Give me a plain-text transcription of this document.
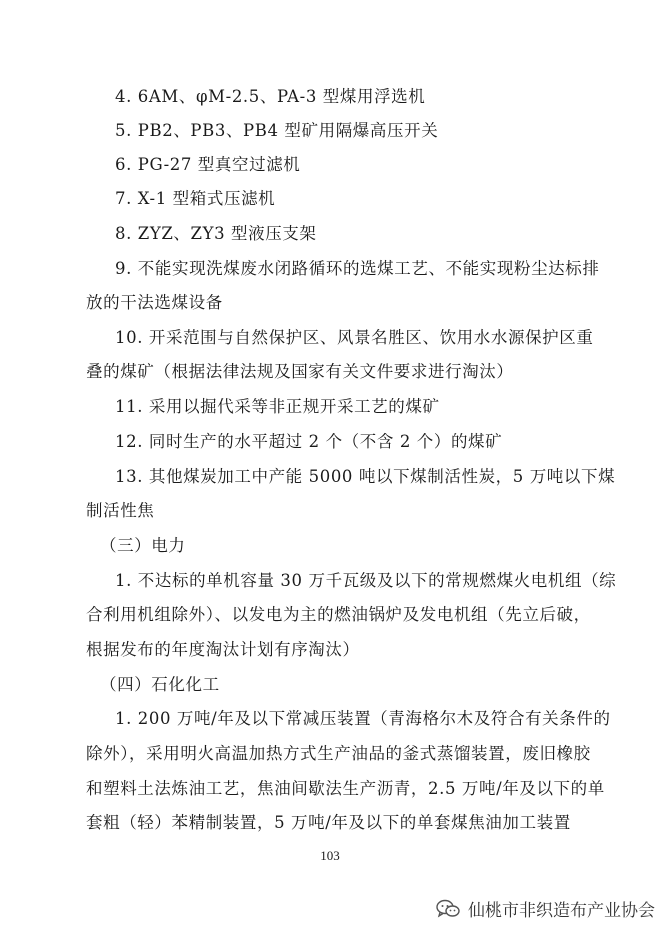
4. 6AM、φM-2.5、PA-3 型煤用浮选机
5. PB2、PB3、PB4 型矿用隔爆高压开关
6. PG-27 型真空过滤机
7. X-1 型箱式压滤机
8. ZYZ、ZY3 型液压支架
9. 不能实现洗煤废水闭路循环的选煤工艺、不能实现粉尘达标排
放的干法选煤设备
10. 开采范围与自然保护区、风景名胜区、饮用水水源保护区重
叠的煤矿（根据法律法规及国家有关文件要求进行淘汰）
11. 采用以掘代采等非正规开采工艺的煤矿
12. 同时生产的水平超过 2 个（不含 2 个）的煤矿
13. 其他煤炭加工中产能 5000 吨以下煤制活性炭，5 万吨以下煤
制活性焦
（三）电力
1. 不达标的单机容量 30 万千瓦级及以下的常规燃煤火电机组（综
合利用机组除外）、以发电为主的燃油锅炉及发电机组（先立后破，
根据发布的年度淘汰计划有序淘汰）
（四）石化化工
1. 200 万吨/年及以下常减压装置（青海格尔木及符合有关条件的
除外），采用明火高温加热方式生产油品的釜式蒸馏装置，废旧橡胶
和塑料土法炼油工艺，焦油间歇法生产沥青，2.5 万吨/年及以下的单
套粗（轻）苯精制装置，5 万吨/年及以下的单套煤焦油加工装置
103
仙桃市非织造布产业协会
